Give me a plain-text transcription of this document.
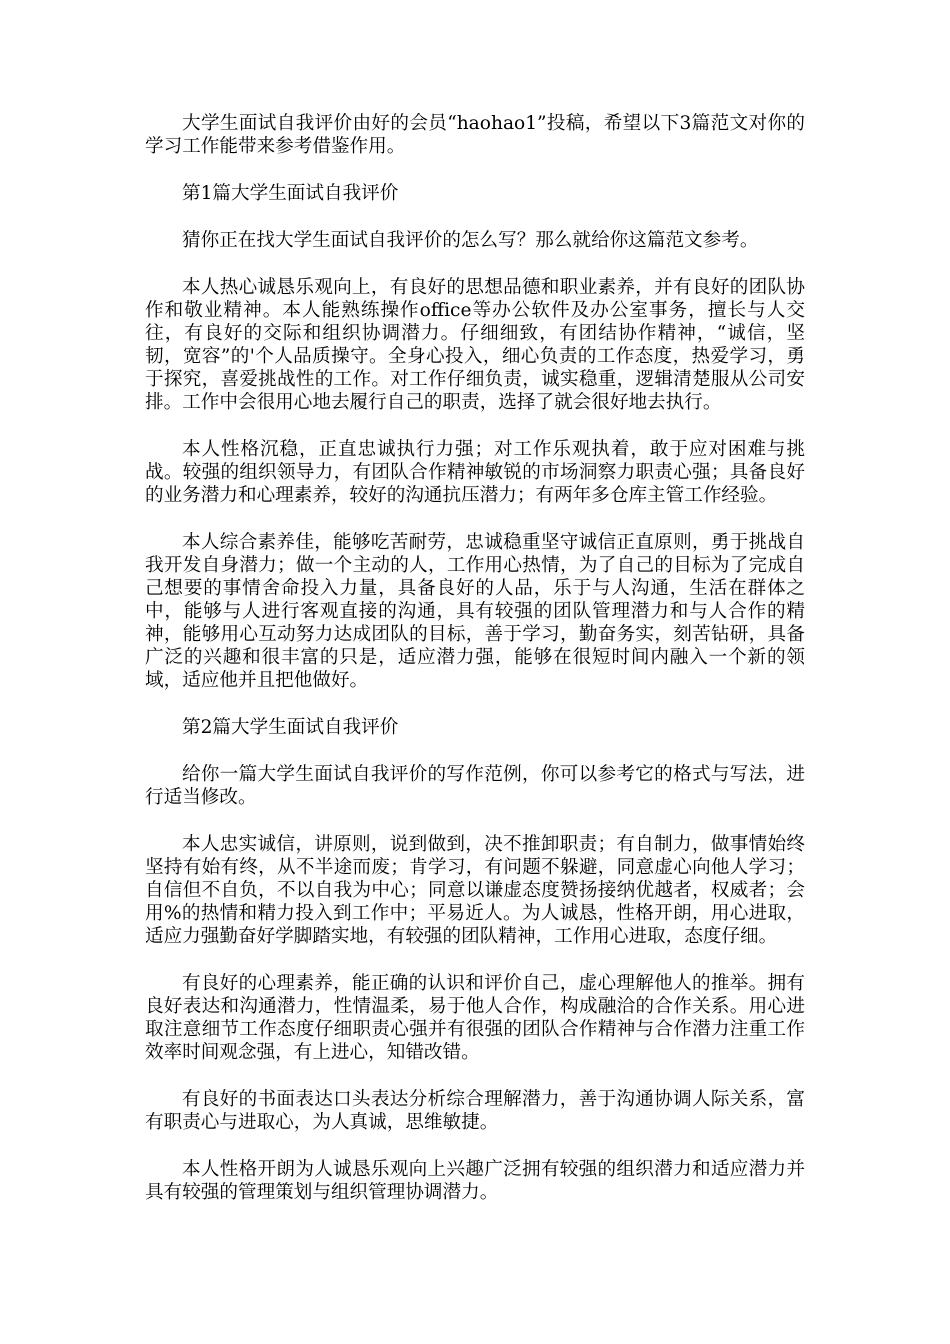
大学生面试自我评价由好的会员“haohao1”投稿，希望以下3篇范文对你的学习工作能带来参考借鉴作用。

第1篇大学生面试自我评价

猜你正在找大学生面试自我评价的怎么写？那么就给你这篇范文参考。

本人热心诚恳乐观向上，有良好的思想品德和职业素养，并有良好的团队协作和敬业精神。本人能熟练操作office等办公软件及办公室事务，擅长与人交往，有良好的交际和组织协调潜力。仔细细致，有团结协作精神，“诚信，坚韧，宽容”的'个人品质操守。全身心投入，细心负责的工作态度，热爱学习，勇于探究，喜爱挑战性的工作。对工作仔细负责，诚实稳重，逻辑清楚服从公司安排。工作中会很用心地去履行自己的职责，选择了就会很好地去执行。

本人性格沉稳，正直忠诚执行力强；对工作乐观执着，敢于应对困难与挑战。较强的组织领导力，有团队合作精神敏锐的市场洞察力职责心强；具备良好的业务潜力和心理素养，较好的沟通抗压潜力；有两年多仓库主管工作经验。

本人综合素养佳，能够吃苦耐劳，忠诚稳重坚守诚信正直原则，勇于挑战自我开发自身潜力；做一个主动的人，工作用心热情，为了自己的目标为了完成自己想要的事情舍命投入力量，具备良好的人品，乐于与人沟通，生活在群体之中，能够与人进行客观直接的沟通，具有较强的团队管理潜力和与人合作的精神，能够用心互动努力达成团队的目标，善于学习，勤奋务实，刻苦钻研，具备广泛的兴趣和很丰富的只是，适应潜力强，能够在很短时间内融入一个新的领域，适应他并且把他做好。

第2篇大学生面试自我评价

给你一篇大学生面试自我评价的写作范例，你可以参考它的格式与写法，进行适当修改。

本人忠实诚信，讲原则，说到做到，决不推卸职责；有自制力，做事情始终坚持有始有终，从不半途而废；肯学习，有问题不躲避，同意虚心向他人学习；自信但不自负，不以自我为中心；同意以谦虚态度赞扬接纳优越者，权威者；会用%的热情和精力投入到工作中；平易近人。为人诚恳，性格开朗，用心进取，适应力强勤奋好学脚踏实地，有较强的团队精神，工作用心进取，态度仔细。

有良好的心理素养，能正确的认识和评价自己，虚心理解他人的推举。拥有良好表达和沟通潜力，性情温柔，易于他人合作，构成融洽的合作关系。用心进取注意细节工作态度仔细职责心强并有很强的团队合作精神与合作潜力注重工作效率时间观念强，有上进心，知错改错。

有良好的书面表达口头表达分析综合理解潜力，善于沟通协调人际关系，富有职责心与进取心，为人真诚，思维敏捷。

本人性格开朗为人诚恳乐观向上兴趣广泛拥有较强的组织潜力和适应潜力并具有较强的管理策划与组织管理协调潜力。
